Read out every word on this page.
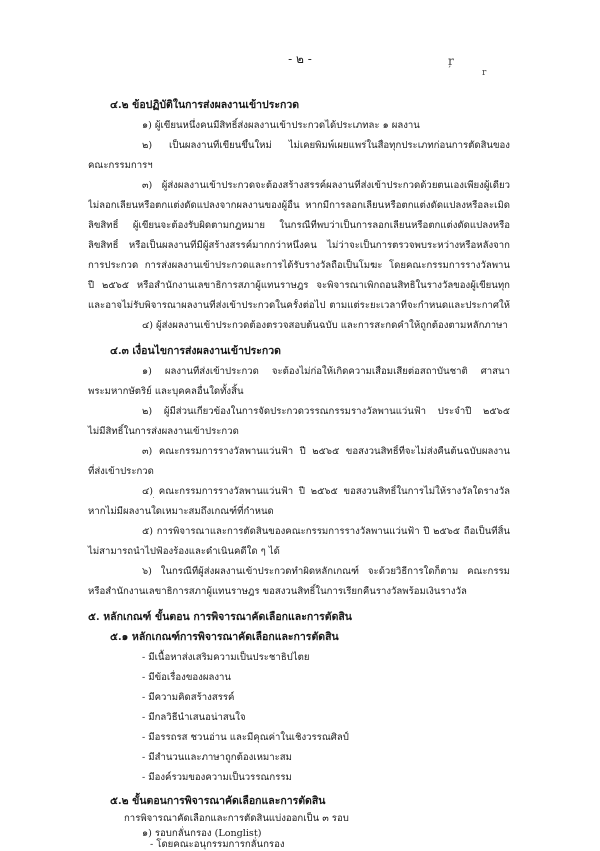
- ๒ -	ŗ
r
๔.๒ ข้อปฏิบัติในการส่งผลงานเข้าประกวด
๑) ผู้เขียนหนึ่งคนมีสิทธิ์ส่งผลงานเข้าประกวดได้ประเภทละ ๑ ผลงาน
๒) เป็นผลงานที่เขียนขึ้นใหม่ ไม่เคยพิมพ์เผยแพร่ในสื่อทุกประเภทก่อนการตัดสินของ
คณะกรรมการฯ
๓) ผู้ส่งผลงานเข้าประกวดจะต้องสร้างสรรค์ผลงานที่ส่งเข้าประกวดด้วยตนเองเพียงผู้เดียว
ไม่ลอกเลียนหรือตกแต่งดัดแปลงจากผลงานของผู้อื่น หากมีการลอกเลียนหรือตกแต่งดัดแปลงหรือละเมิด
ลิขสิทธิ์ ผู้เขียนจะต้องรับผิดตามกฎหมาย ในกรณีที่พบว่าเป็นการลอกเลียนหรือตกแต่งดัดแปลงหรือ
ลิขสิทธิ์ หรือเป็นผลงานที่มีผู้สร้างสรรค์มากกว่าหนึ่งคน ไม่ว่าจะเป็นการตรวจพบระหว่างหรือหลังจาก
การประกวด การส่งผลงานเข้าประกวดและการได้รับรางวัลถือเป็นโมฆะ โดยคณะกรรมการรางวัลพาน
ปี ๒๕๖๕ หรือสำนักงานเลขาธิการสภาผู้แทนราษฎร จะพิจารณาเพิกถอนสิทธิในรางวัลของผู้เขียนทุก
และอาจไม่รับพิจารณาผลงานที่ส่งเข้าประกวดในครั้งต่อไป ตามแต่ระยะเวลาที่จะกำหนดและประกาศให้
๔) ผู้ส่งผลงานเข้าประกวดต้องตรวจสอบต้นฉบับ และการสะกดคำให้ถูกต้องตามหลักภาษา
๔.๓ เงื่อนไขการส่งผลงานเข้าประกวด
๑) ผลงานที่ส่งเข้าประกวด จะต้องไม่ก่อให้เกิดความเสื่อมเสียต่อสถาบันชาติ ศาสนา
พระมหากษัตริย์ และบุคคลอื่นใดทั้งสิ้น
๒) ผู้มีส่วนเกี่ยวข้องในการจัดประกวดวรรณกรรมรางวัลพานแว่นฟ้า ประจำปี ๒๕๖๕
ไม่มีสิทธิ์ในการส่งผลงานเข้าประกวด
๓) คณะกรรมการรางวัลพานแว่นฟ้า ปี ๒๕๖๕ ขอสงวนสิทธิ์ที่จะไม่ส่งคืนต้นฉบับผลงาน
ที่ส่งเข้าประกวด
๔) คณะกรรมการรางวัลพานแว่นฟ้า ปี ๒๕๖๕ ขอสงวนสิทธิ์ในการไม่ให้รางวัลใดรางวัล
หากไม่มีผลงานใดเหมาะสมถึงเกณฑ์ที่กำหนด
๕) การพิจารณาและการตัดสินของคณะกรรมการรางวัลพานแว่นฟ้า ปี ๒๕๖๕ ถือเป็นที่สิ้น
ไม่สามารถนำไปฟ้องร้องและดำเนินคดีใด ๆ ได้
๖) ในกรณีที่ผู้ส่งผลงานเข้าประกวดทำผิดหลักเกณฑ์ จะด้วยวิธีการใดก็ตาม คณะกรรม
หรือสำนักงานเลขาธิการสภาผู้แทนราษฎร ขอสงวนสิทธิ์ในการเรียกคืนรางวัลพร้อมเงินรางวัล
๕. หลักเกณฑ์ ขั้นตอน การพิจารณาคัดเลือกและการตัดสิน
๕.๑ หลักเกณฑ์การพิจารณาคัดเลือกและการตัดสิน
- มีเนื้อหาส่งเสริมความเป็นประชาธิปไตย
- มีข้อเรื่องของผลงาน
- มีความคิดสร้างสรรค์
- มีกลวิธีนำเสนอน่าสนใจ
- มีอรรถรส ชวนอ่าน และมีคุณค่าในเชิงวรรณศิลป์
- มีสำนวนและภาษาถูกต้องเหมาะสม
- มีองค์รวมของความเป็นวรรณกรรม
๕.๒ ขั้นตอนการพิจารณาคัดเลือกและการตัดสิน
การพิจารณาคัดเลือกและการตัดสินแบ่งออกเป็น ๓ รอบ
๑) รอบกลั่นกรอง (Longlist)
- โดยคณะอนุกรรมการกลั่นกรอง
